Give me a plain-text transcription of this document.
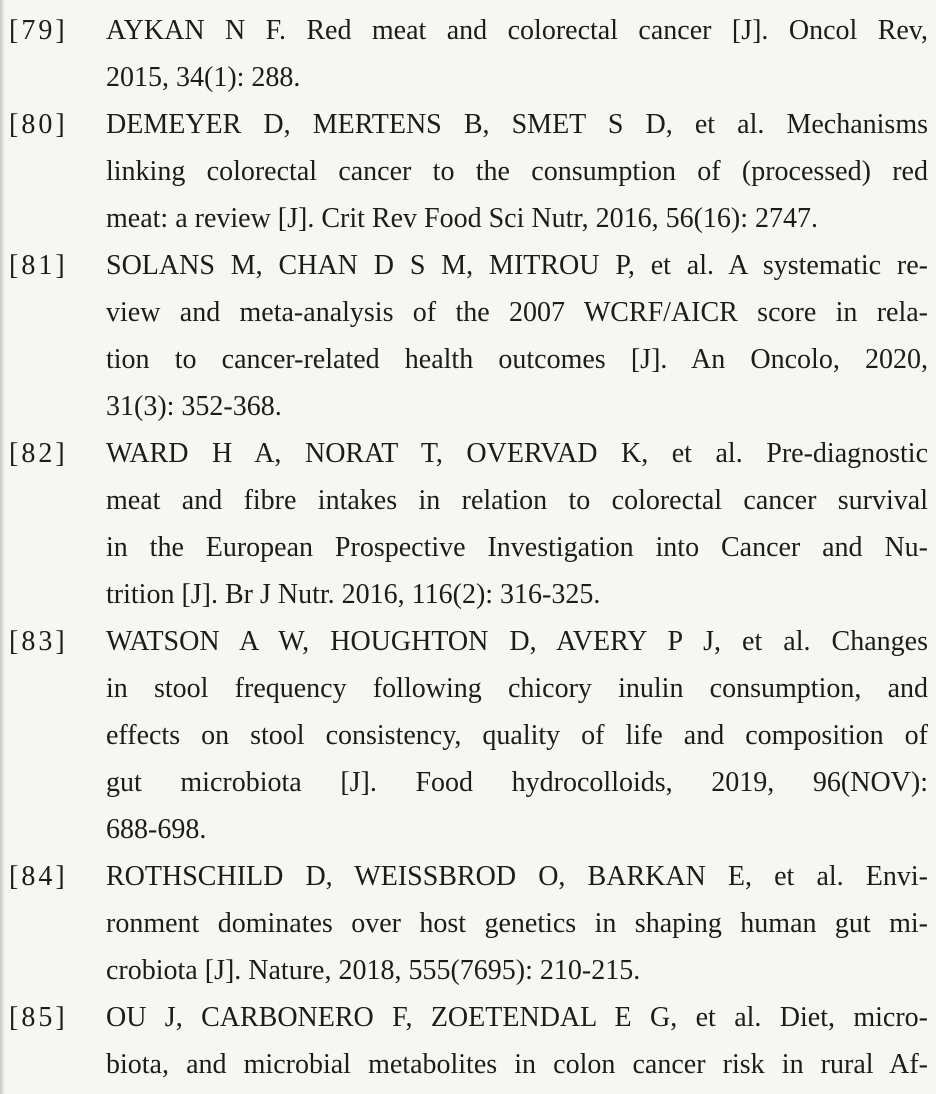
[79] AYKAN N F. Red meat and colorectal cancer [J]. Oncol Rev,
2015, 34(1): 288.
[80] DEMEYER D, MERTENS B, SMET S D, et al. Mechanisms
linking colorectal cancer to the consumption of (processed) red
meat: a review [J]. Crit Rev Food Sci Nutr, 2016, 56(16): 2747.
[81] SOLANS M, CHAN D S M, MITROU P, et al. A systematic re-
view and meta-analysis of the 2007 WCRF/AICR score in rela-
tion to cancer-related health outcomes [J]. An Oncolo, 2020,
31(3): 352-368.
[82] WARD H A, NORAT T, OVERVAD K, et al. Pre-diagnostic
meat and fibre intakes in relation to colorectal cancer survival
in the European Prospective Investigation into Cancer and Nu-
trition [J]. Br J Nutr. 2016, 116(2): 316-325.
[83] WATSON A W, HOUGHTON D, AVERY P J, et al. Changes
in stool frequency following chicory inulin consumption, and
effects on stool consistency, quality of life and composition of
gut microbiota [J]. Food hydrocolloids, 2019, 96(NOV):
688-698.
[84] ROTHSCHILD D, WEISSBROD O, BARKAN E, et al. Envi-
ronment dominates over host genetics in shaping human gut mi-
crobiota [J]. Nature, 2018, 555(7695): 210-215.
[85] OU J, CARBONERO F, ZOETENDAL E G, et al. Diet, micro-
biota, and microbial metabolites in colon cancer risk in rural Af-
